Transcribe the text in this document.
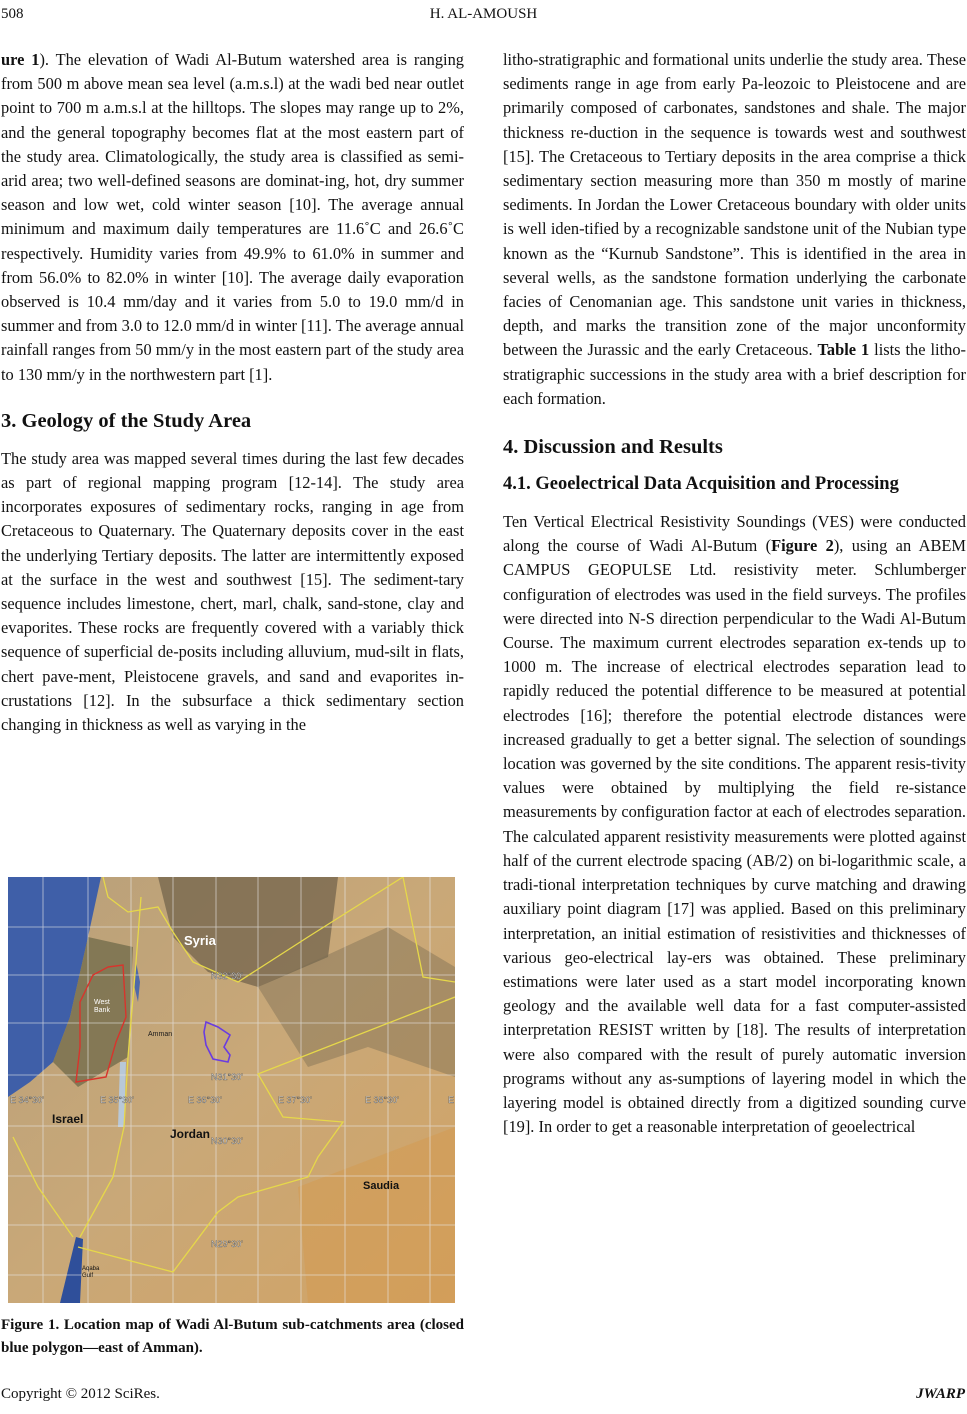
508	H. AL-AMOUSH

ure 1). The elevation of Wadi Al-Butum watershed area is ranging from 500 m above mean sea level (a.m.s.l) at the wadi bed near outlet point to 700 m a.m.s.l at the hilltops. The slopes may range up to 2%, and the general topography becomes flat at the most eastern part of the study area. Climatologically, the study area is classified as semi-arid area; two well-defined seasons are dominat-ing, hot, dry summer season and low wet, cold winter season [10]. The average annual minimum and maximum daily temperatures are 11.6˚C and 26.6˚C respectively. Humidity varies from 49.9% to 61.0% in summer and from 56.0% to 82.0% in winter [10]. The average daily evaporation observed is 10.4 mm/day and it varies from 5.0 to 19.0 mm/d in summer and from 3.0 to 12.0 mm/d in winter [11]. The average annual rainfall ranges from 50 mm/y in the most eastern part of the study area to 130 mm/y in the northwestern part [1].

3. Geology of the Study Area

The study area was mapped several times during the last few decades as part of regional mapping program [12-14]. The study area incorporates exposures of sedimentary rocks, ranging in age from Cretaceous to Quaternary. The Quaternary deposits cover in the east the underlying Tertiary deposits. The latter are intermittently exposed at the surface in the west and southwest [15]. The sediment-tary sequence includes limestone, chert, marl, chalk, sand-stone, clay and evaporites. These rocks are frequently covered with a variably thick sequence of superficial de-posits including alluvium, mud-silt in flats, chert pave-ment, Pleistocene gravels, and sand and evaporites in-crustations [12]. In the subsurface a thick sedimentary section changing in thickness as well as varying in the

Syria
West
Bank
Amman
Israel
Jordan
Saudia
Aqaba
Gulf
N32°30'
N31°30'
N30°30'
N29°30'
E 34°30'	E 35°30'	E 36°30'	E 37°30'	E 38°30'	E
Figure 1. Location map of Wadi Al-Butum sub-catchments area (closed blue polygon—east of Amman).

litho-stratigraphic and formational units underlie the study area. These sediments range in age from early Pa-leozoic to Pleistocene and are primarily composed of carbonates, sandstones and shale. The major thickness re-duction in the sequence is towards west and southwest [15]. The Cretaceous to Tertiary deposits in the area comprise a thick sedimentary section measuring more than 350 m mostly of marine sediments. In Jordan the Lower Cretaceous boundary with older units is well iden-tified by a recognizable sandstone unit of the Nubian type known as the “Kurnub Sandstone”. This is identified in the area in several wells, as the sandstone formation underlying the carbonate facies of Cenomanian age. This sandstone unit varies in thickness, depth, and marks the transition zone of the major unconformity between the Jurassic and the early Cretaceous. Table 1 lists the litho-stratigraphic successions in the study area with a brief description for each formation.

4. Discussion and Results
4.1. Geoelectrical Data Acquisition and Processing

Ten Vertical Electrical Resistivity Soundings (VES) were conducted along the course of Wadi Al-Butum (Figure 2), using an ABEM CAMPUS GEOPULSE Ltd. resistivity meter. Schlumberger configuration of electrodes was used in the field surveys. The profiles were directed into N-S direction perpendicular to the Wadi Al-Butum Course. The maximum current electrodes separation ex-tends up to 1000 m. The increase of electrical electrodes separation lead to rapidly reduced the potential difference to be measured at potential electrodes [16]; therefore the potential electrode distances were increased gradually to get a better signal. The selection of soundings location was governed by the site conditions. The apparent resis-tivity values were obtained by multiplying the field re-sistance measurements by configuration factor at each of electrodes separation. The calculated apparent resistivity measurements were plotted against half of the current electrode spacing (AB/2) on bi-logarithmic scale, a tradi-tional interpretation techniques by curve matching and drawing auxiliary point diagram [17] was applied. Based on this preliminary interpretation, an initial estimation of resistivities and thicknesses of various geo-electrical lay-ers was obtained. These preliminary estimations were later used as a start model incorporating known geology and the available well data for a fast computer-assisted interpretation RESIST written by [18]. The results of interpretation were also compared with the result of purely automatic inversion programs without any as-sumptions of layering model in which the layering model is obtained directly from a digitized sounding curve [19]. In order to get a reasonable interpretation of geoelectrical

Copyright © 2012 SciRes.	JWARP
